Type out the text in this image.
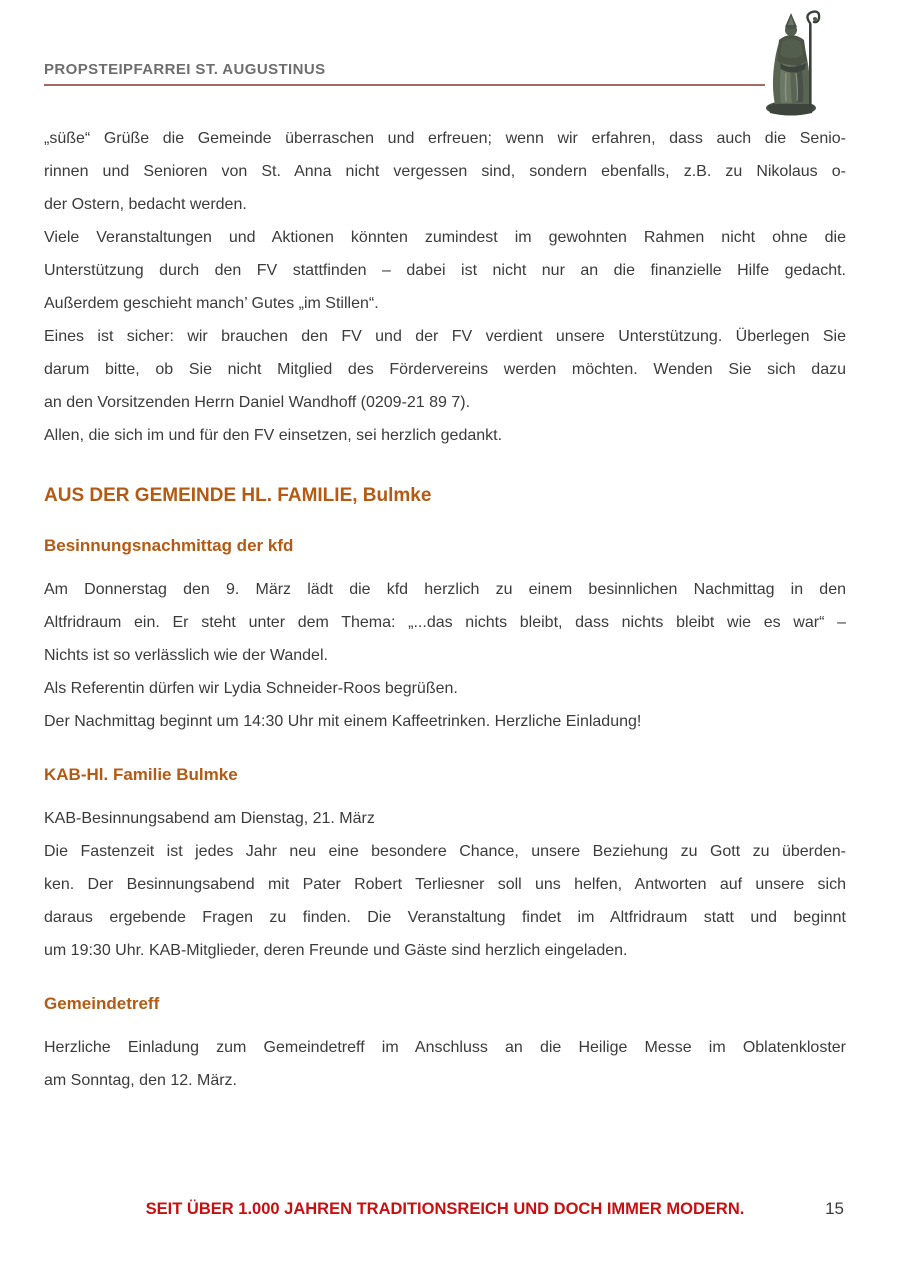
PROPSTEIPFARREI ST. AUGUSTINUS
„süße“ Grüße die Gemeinde überraschen und erfreuen; wenn wir erfahren, dass auch die Senio-
rinnen und Senioren von St. Anna nicht vergessen sind, sondern ebenfalls, z.B. zu Nikolaus o-
der Ostern, bedacht werden.
Viele Veranstaltungen und Aktionen könnten zumindest im gewohnten Rahmen nicht ohne die
Unterstützung durch den FV stattfinden – dabei ist nicht nur an die finanzielle Hilfe gedacht.
Außerdem geschieht manch’ Gutes „im Stillen“.
Eines ist sicher: wir brauchen den FV und der FV verdient unsere Unterstützung. Überlegen Sie
darum bitte, ob Sie nicht Mitglied des Fördervereins werden möchten. Wenden Sie sich dazu
an den Vorsitzenden Herrn Daniel Wandhoff (0209-21 89 7).
Allen, die sich im und für den FV einsetzen, sei herzlich gedankt.
AUS DER GEMEINDE HL. FAMILIE, Bulmke
Besinnungsnachmittag der kfd
Am Donnerstag den 9. März lädt die kfd herzlich zu einem besinnlichen Nachmittag in den
Altfridraum ein. Er steht unter dem Thema: „...das nichts bleibt, dass nichts bleibt wie es war“ –
Nichts ist so verlässlich wie der Wandel.
Als Referentin dürfen wir Lydia Schneider-Roos begrüßen.
Der Nachmittag beginnt um 14:30 Uhr mit einem Kaffeetrinken. Herzliche Einladung!
KAB-Hl. Familie Bulmke
KAB-Besinnungsabend am Dienstag, 21. März
Die Fastenzeit ist jedes Jahr neu eine besondere Chance, unsere Beziehung zu Gott zu überden-
ken. Der Besinnungsabend mit Pater Robert Terliesner soll uns helfen, Antworten auf unsere sich
daraus ergebende Fragen zu finden. Die Veranstaltung findet im Altfridraum statt und beginnt
um 19:30 Uhr. KAB-Mitglieder, deren Freunde und Gäste sind herzlich eingeladen.
Gemeindetreff
Herzliche Einladung zum Gemeindetreff im Anschluss an die Heilige Messe im Oblatenkloster
am Sonntag, den 12. März.
SEIT ÜBER 1.000 JAHREN TRADITIONSREICH UND DOCH IMMER MODERN.	15
